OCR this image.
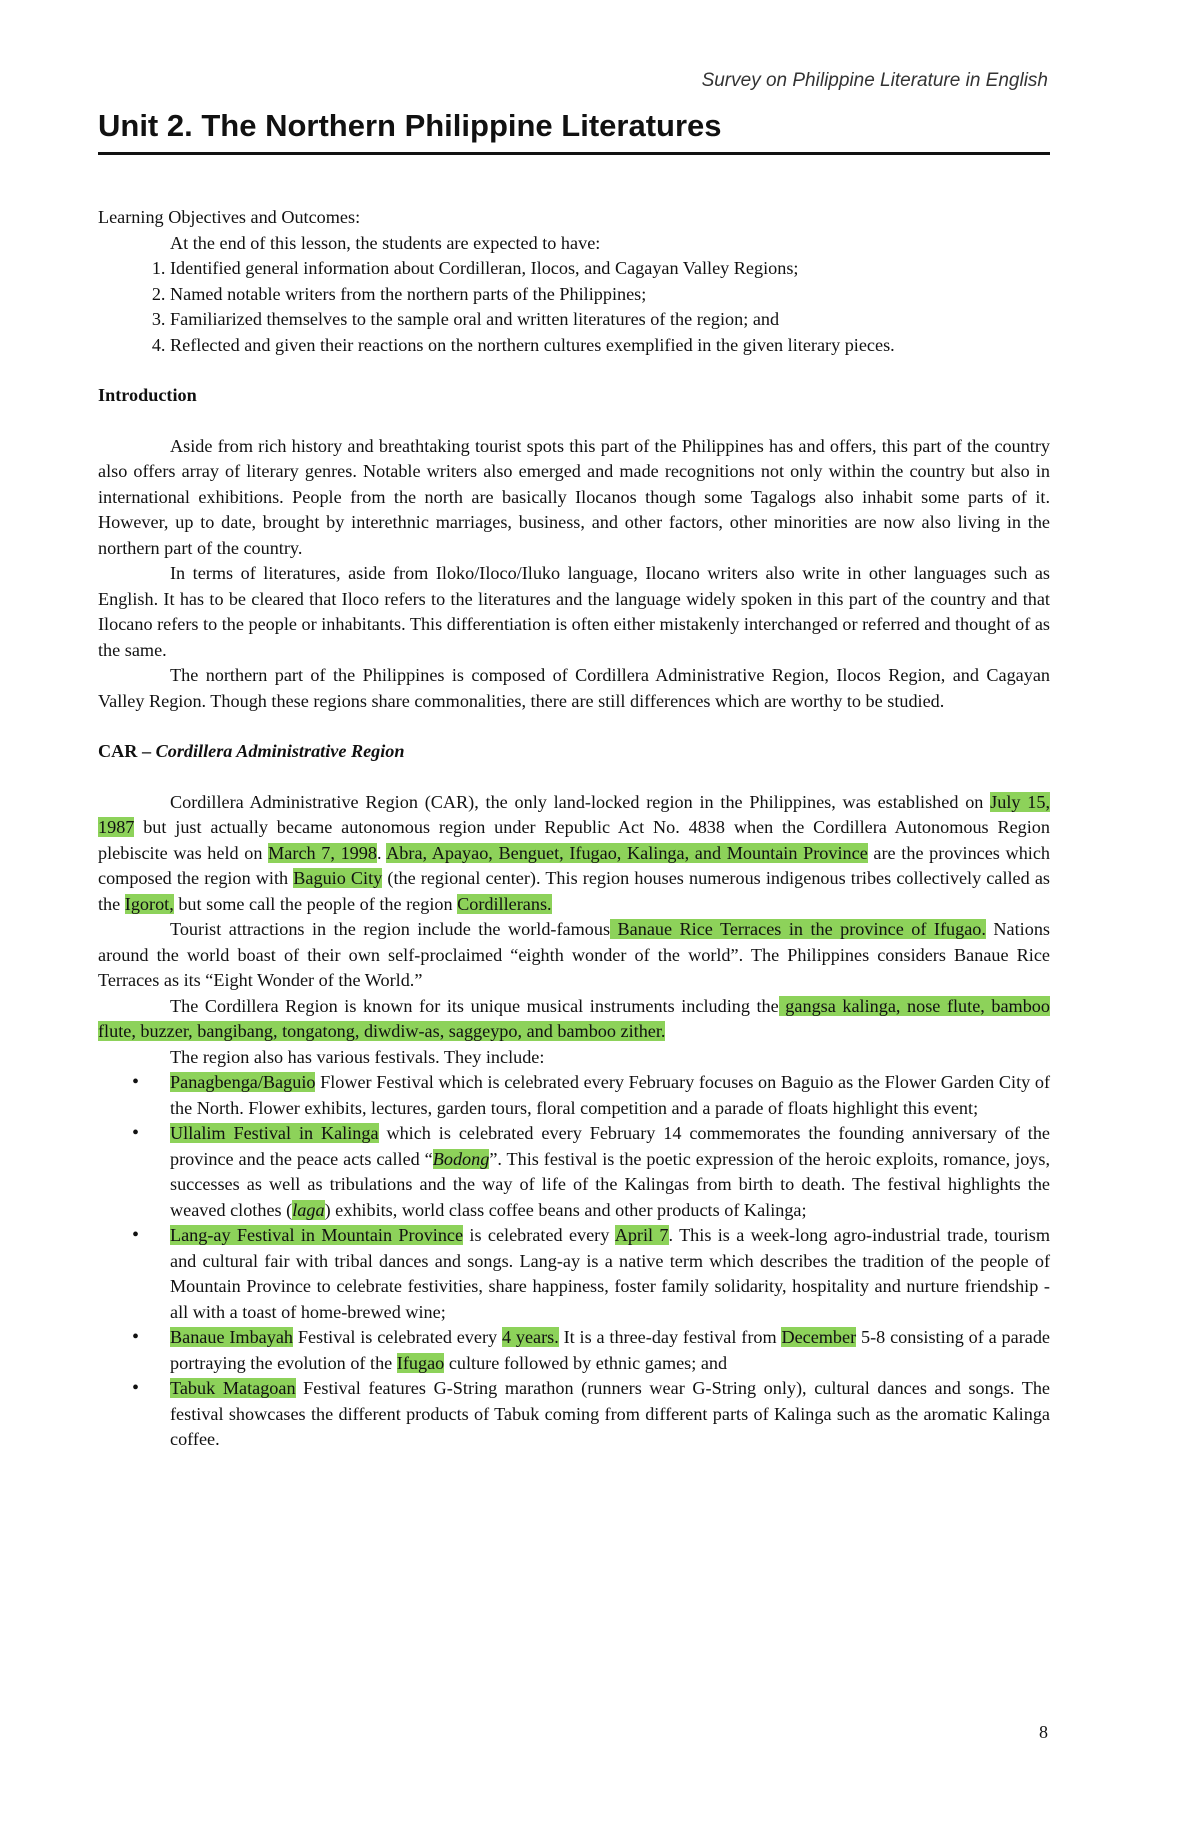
Survey on Philippine Literature in English
Unit 2. The Northern Philippine Literatures

Learning Objectives and Outcomes:

At the end of this lesson, the students are expected to have:

1. Identified general information about Cordilleran, Ilocos, and Cagayan Valley Regions;
2. Named notable writers from the northern parts of the Philippines;
3. Familiarized themselves to the sample oral and written literatures of the region; and
4. Reflected and given their reactions on the northern cultures exemplified in the given literary pieces.

Introduction

Aside from rich history and breathtaking tourist spots this part of the Philippines has and offers, this part of the country also offers array of literary genres. Notable writers also emerged and made recognitions not only within the country but also in international exhibitions. People from the north are basically Ilocanos though some Tagalogs also inhabit some parts of it. However, up to date, brought by interethnic marriages, business, and other factors, other minorities are now also living in the northern part of the country.

In terms of literatures, aside from Iloko/Iloco/Iluko language, Ilocano writers also write in other languages such as English. It has to be cleared that Iloco refers to the literatures and the language widely spoken in this part of the country and that Ilocano refers to the people or inhabitants. This differentiation is often either mistakenly interchanged or referred and thought of as the same.

The northern part of the Philippines is composed of Cordillera Administrative Region, Ilocos Region, and Cagayan Valley Region. Though these regions share commonalities, there are still differences which are worthy to be studied.

CAR – Cordillera Administrative Region

Cordillera Administrative Region (CAR), the only land-locked region in the Philippines, was established on July 15, 1987 but just actually became autonomous region under Republic Act No. 4838 when the Cordillera Autonomous Region plebiscite was held on March 7, 1998. Abra, Apayao, Benguet, Ifugao, Kalinga, and Mountain Province are the provinces which composed the region with Baguio City (the regional center). This region houses numerous indigenous tribes collectively called as the Igorot, but some call the people of the region Cordillerans.

Tourist attractions in the region include the world-famous Banaue Rice Terraces in the province of Ifugao. Nations around the world boast of their own self-proclaimed “eighth wonder of the world”. The Philippines considers Banaue Rice Terraces as its “Eight Wonder of the World.”

The Cordillera Region is known for its unique musical instruments including the gangsa kalinga, nose flute, bamboo flute, buzzer, bangibang, tongatong, diwdiw-as, saggeypo, and bamboo zither.

The region also has various festivals. They include:

• Panagbenga/Baguio Flower Festival which is celebrated every February focuses on Baguio as the Flower Garden City of the North. Flower exhibits, lectures, garden tours, floral competition and a parade of floats highlight this event;
• Ullalim Festival in Kalinga which is celebrated every February 14 commemorates the founding anniversary of the province and the peace acts called “Bodong”. This festival is the poetic expression of the heroic exploits, romance, joys, successes as well as tribulations and the way of life of the Kalingas from birth to death. The festival highlights the weaved clothes (laga) exhibits, world class coffee beans and other products of Kalinga;
• Lang-ay Festival in Mountain Province is celebrated every April 7. This is a week-long agro-industrial trade, tourism and cultural fair with tribal dances and songs. Lang-ay is a native term which describes the tradition of the people of Mountain Province to celebrate festivities, share happiness, foster family solidarity, hospitality and nurture friendship - all with a toast of home-brewed wine;
• Banaue Imbayah Festival is celebrated every 4 years. It is a three-day festival from December 5-8 consisting of a parade portraying the evolution of the Ifugao culture followed by ethnic games; and
• Tabuk Matagoan Festival features G-String marathon (runners wear G-String only), cultural dances and songs. The festival showcases the different products of Tabuk coming from different parts of Kalinga such as the aromatic Kalinga coffee.
8
